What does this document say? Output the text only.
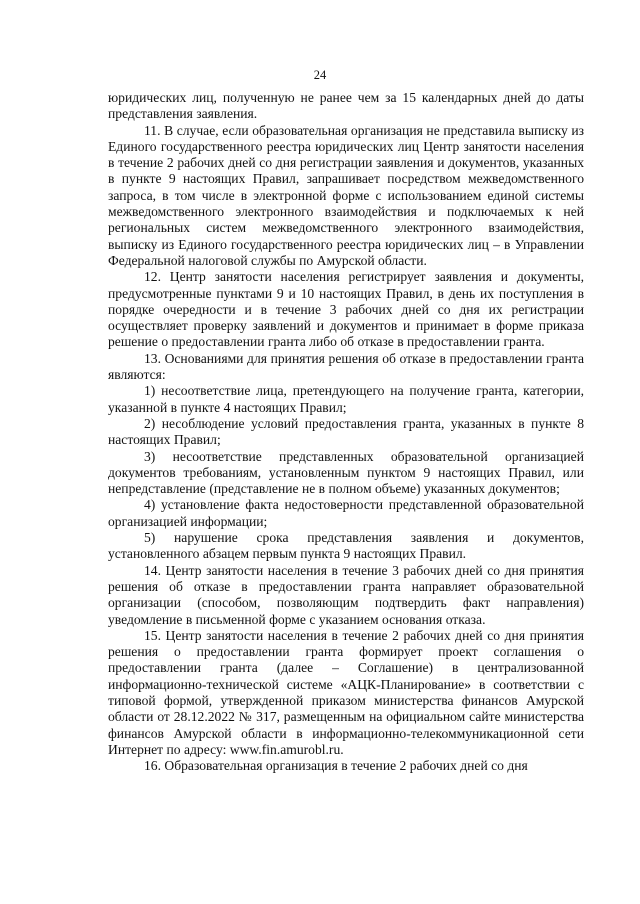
24

юридических лиц, полученную не ранее чем за 15 календарных дней до даты представления заявления.

11. В случае, если образовательная организация не представила выписку из Единого государственного реестра юридических лиц Центр занятости населения в течение 2 рабочих дней со дня регистрации заявления и документов, указанных в пункте 9 настоящих Правил, запрашивает посредством межведомственного запроса, в том числе в электронной форме с использованием единой системы межведомственного электронного взаимодействия и подключаемых к ней региональных систем межведомственного электронного взаимодействия, выписку из Единого государственного реестра юридических лиц – в Управлении Федеральной налоговой службы по Амурской области.

12. Центр занятости населения регистрирует заявления и документы, предусмотренные пунктами 9 и 10 настоящих Правил, в день их поступления в порядке очередности и в течение 3 рабочих дней со дня их регистрации осуществляет проверку заявлений и документов и принимает в форме приказа решение о предоставлении гранта либо об отказе в предоставлении гранта.

13. Основаниями для принятия решения об отказе в предоставлении гранта являются:

1) несоответствие лица, претендующего на получение гранта, категории, указанной в пункте 4 настоящих Правил;

2) несоблюдение условий предоставления гранта, указанных в пункте 8 настоящих Правил;

3) несоответствие представленных образовательной организацией документов требованиям, установленным пунктом 9 настоящих Правил, или непредставление (представление не в полном объеме) указанных документов;

4) установление факта недостоверности представленной образовательной организацией информации;

5) нарушение срока представления заявления и документов, установленного абзацем первым пункта 9 настоящих Правил.

14. Центр занятости населения в течение 3 рабочих дней со дня принятия решения об отказе в предоставлении гранта направляет образовательной организации (способом, позволяющим подтвердить факт направления) уведомление в письменной форме с указанием основания отказа.

15. Центр занятости населения в течение 2 рабочих дней со дня принятия решения о предоставлении гранта формирует проект соглашения о предоставлении гранта (далее – Соглашение) в централизованной информационно-технической системе «АЦК-Планирование» в соответствии с типовой формой, утвержденной приказом министерства финансов Амурской области от 28.12.2022 № 317, размещенным на официальном сайте министерства финансов Амурской области в информационно-телекоммуникационной сети Интернет по адресу: www.fin.amurobl.ru.

16. Образовательная организация в течение 2 рабочих дней со дня
